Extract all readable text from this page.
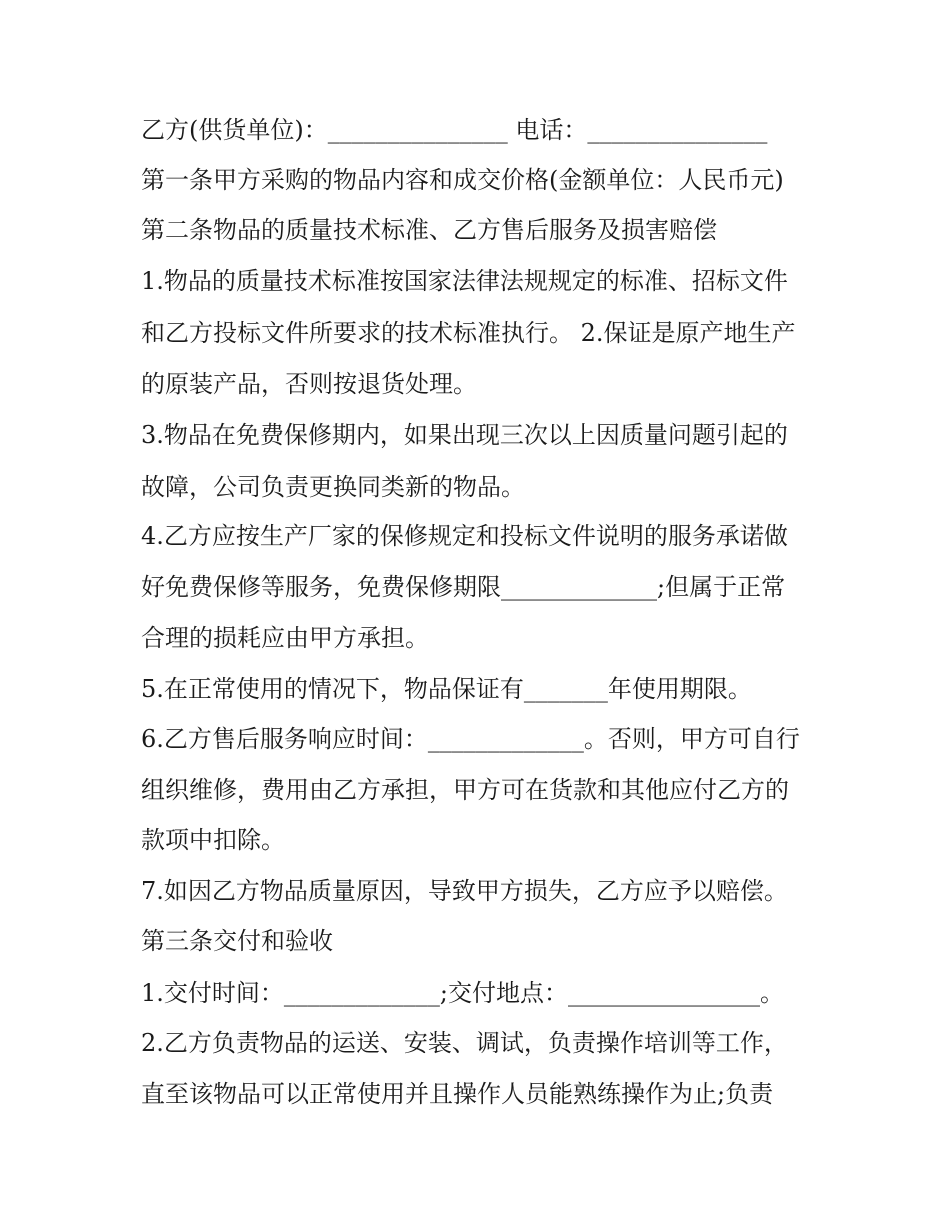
乙方(供货单位)：_______________ 电话：_______________
第一条甲方采购的物品内容和成交价格(金额单位：人民币元)
第二条物品的质量技术标准、乙方售后服务及损害赔偿
1.物品的质量技术标准按国家法律法规规定的标准、招标文件
和乙方投标文件所要求的技术标准执行。 2.保证是原产地生产
的原装产品，否则按退货处理。
3.物品在免费保修期内，如果出现三次以上因质量问题引起的
故障，公司负责更换同类新的物品。
4.乙方应按生产厂家的保修规定和投标文件说明的服务承诺做
好免费保修等服务，免费保修期限_____________;但属于正常
合理的损耗应由甲方承担。
5.在正常使用的情况下，物品保证有_______年使用期限。
6.乙方售后服务响应时间：_____________。否则，甲方可自行
组织维修，费用由乙方承担，甲方可在货款和其他应付乙方的
款项中扣除。
7.如因乙方物品质量原因，导致甲方损失，乙方应予以赔偿。
第三条交付和验收
1.交付时间：_____________;交付地点：________________。
2.乙方负责物品的运送、安装、调试，负责操作培训等工作，
直至该物品可以正常使用并且操作人员能熟练操作为止;负责
